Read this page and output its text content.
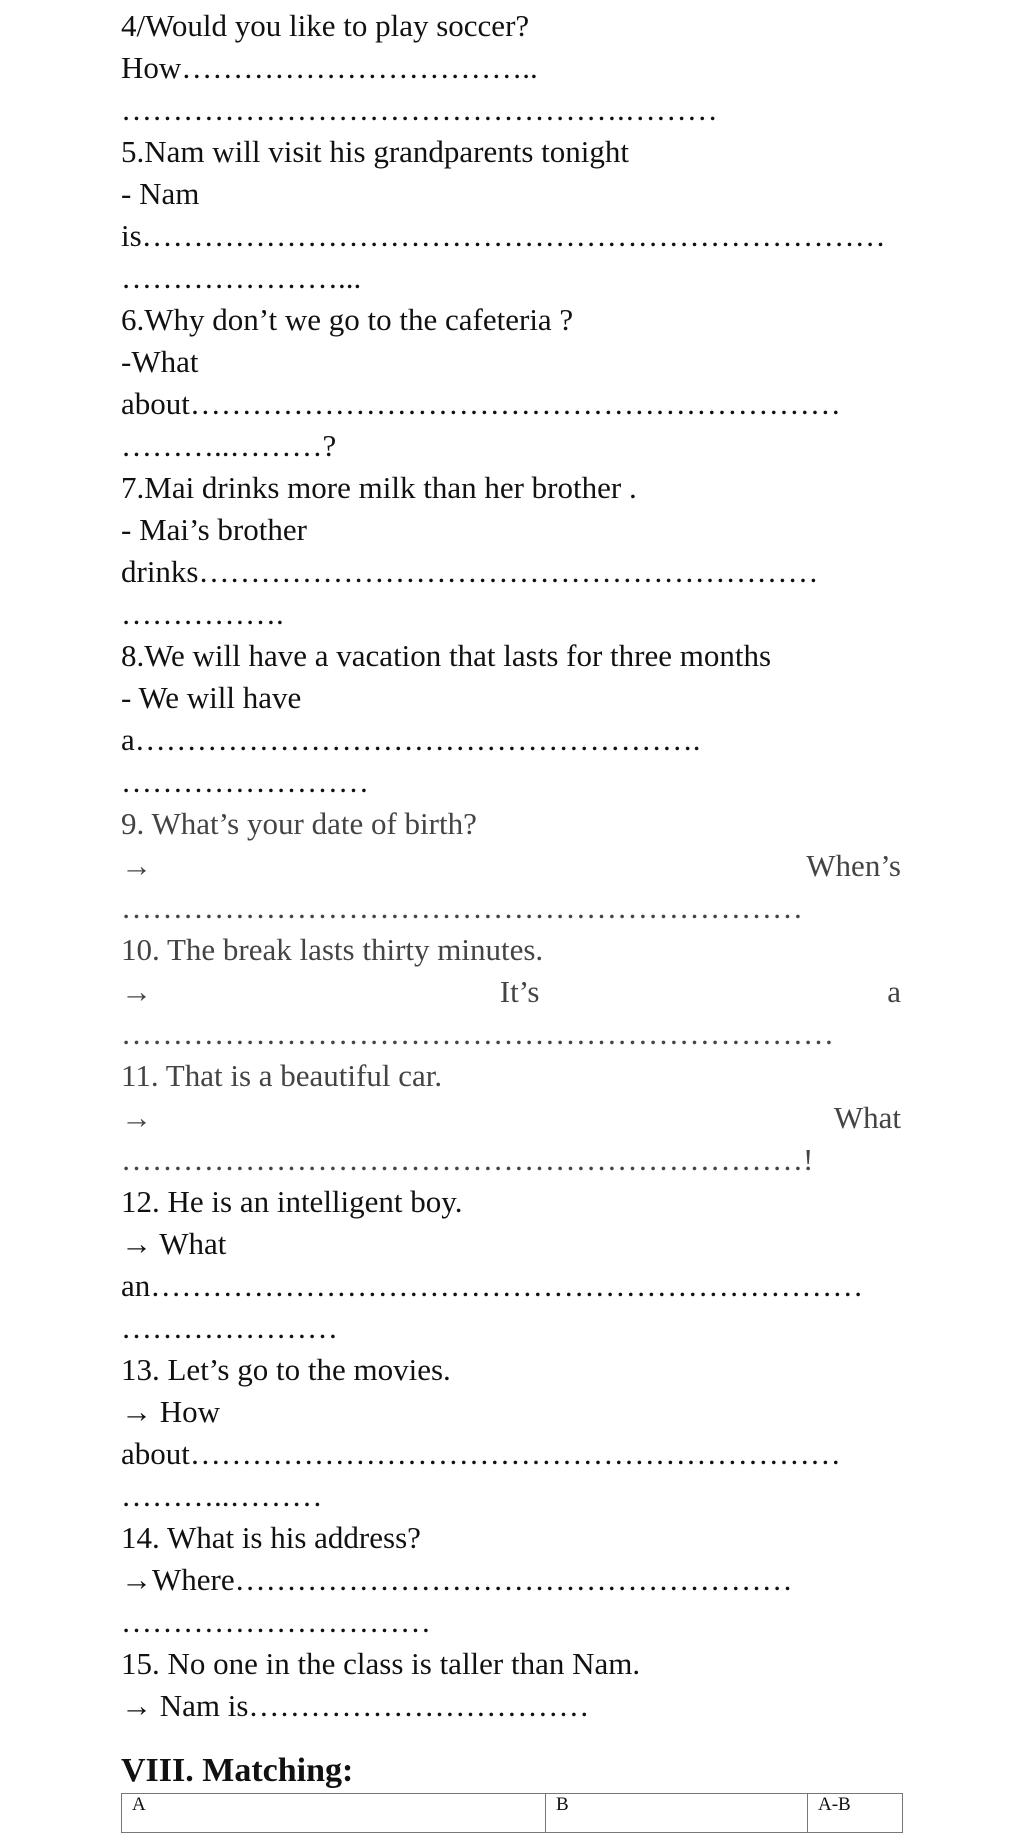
4/Would you like to play soccer?
How……………………………..
………………………………………….………
5.Nam will visit his grandparents tonight
- Nam
is………………………………………………………………
…………………...
6.Why don’t we go to the cafeteria ?
-What
about………………………………………………………
………..………?
7.Mai drinks more milk than her brother .
- Mai’s brother
drinks……………………………………………………
…………….
8.We will have a vacation that lasts for three months
- We will have
a……………………………………………….
……………………
9. What’s your date of birth?
→	When’s
…………………………………………………………
10. The break lasts thirty minutes.
→	It’s	a
……………………………………………………………
11. That is a beautiful car.
→	What
…………………………………………………………!
12. He is an intelligent boy.
→ What
an……………………………………………………………
…………………
13. Let’s go to the movies.
→ How
about………………………………………………………
………..………
14. What is his address?
→Where………………………………………………
…………………………
15. No one in the class is taller than Nam.
→ Nam is……………………………
VIII. Matching:
A	B	A-B
